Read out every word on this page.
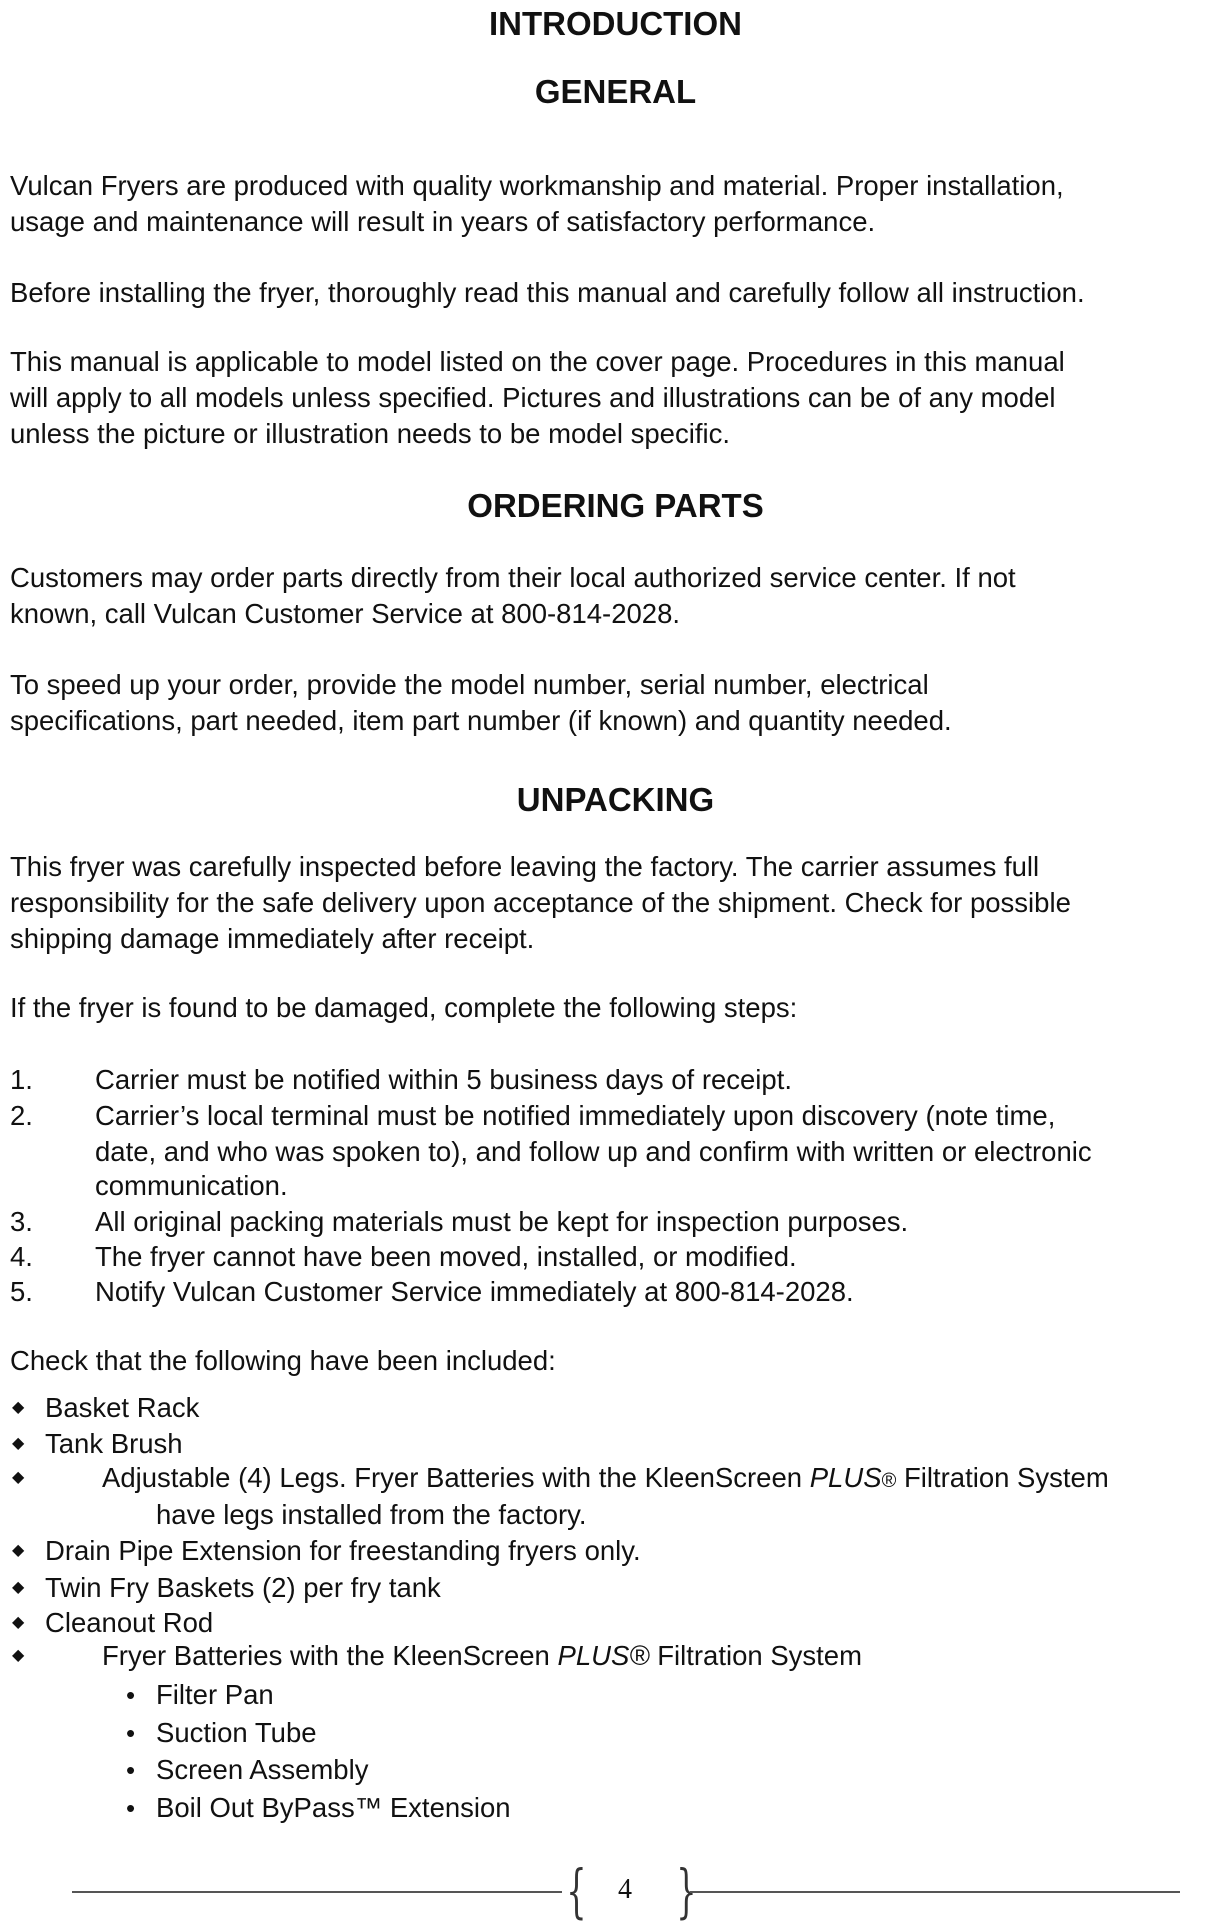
INTRODUCTION
GENERAL

Vulcan Fryers are produced with quality workmanship and material. Proper installation,

usage and maintenance will result in years of satisfactory performance.

Before installing the fryer, thoroughly read this manual and carefully follow all instruction.

This manual is applicable to model listed on the cover page. Procedures in this manual

will apply to all models unless specified. Pictures and illustrations can be of any model

unless the picture or illustration needs to be model specific.

ORDERING PARTS

Customers may order parts directly from their local authorized service center. If not

known, call Vulcan Customer Service at 800-814-2028.

To speed up your order, provide the model number, serial number, electrical

specifications, part needed, item part number (if known) and quantity needed.

UNPACKING

This fryer was carefully inspected before leaving the factory. The carrier assumes full

responsibility for the safe delivery upon acceptance of the shipment. Check for possible

shipping damage immediately after receipt.

If the fryer is found to be damaged, complete the following steps:

1. Carrier must be notified within 5 business days of receipt.
2. Carrier’s local terminal must be notified immediately upon discovery (note time,
date, and who was spoken to), and follow up and confirm with written or electronic
communication.
3. All original packing materials must be kept for inspection purposes.
4. The fryer cannot have been moved, installed, or modified.
5. Notify Vulcan Customer Service immediately at 800-814-2028.

Check that the following have been included:

◆ Basket Rack
◆ Tank Brush
◆	Adjustable (4) Legs. Fryer Batteries with the KleenScreen PLUS® Filtration System
have legs installed from the factory.
◆ Drain Pipe Extension for freestanding fryers only.
◆ Twin Fry Baskets (2) per fry tank
◆ Cleanout Rod
◆	Fryer Batteries with the KleenScreen PLUS® Filtration System
• Filter Pan
• Suction Tube
• Screen Assembly
• Boil Out ByPass™ Extension
{	4 }
